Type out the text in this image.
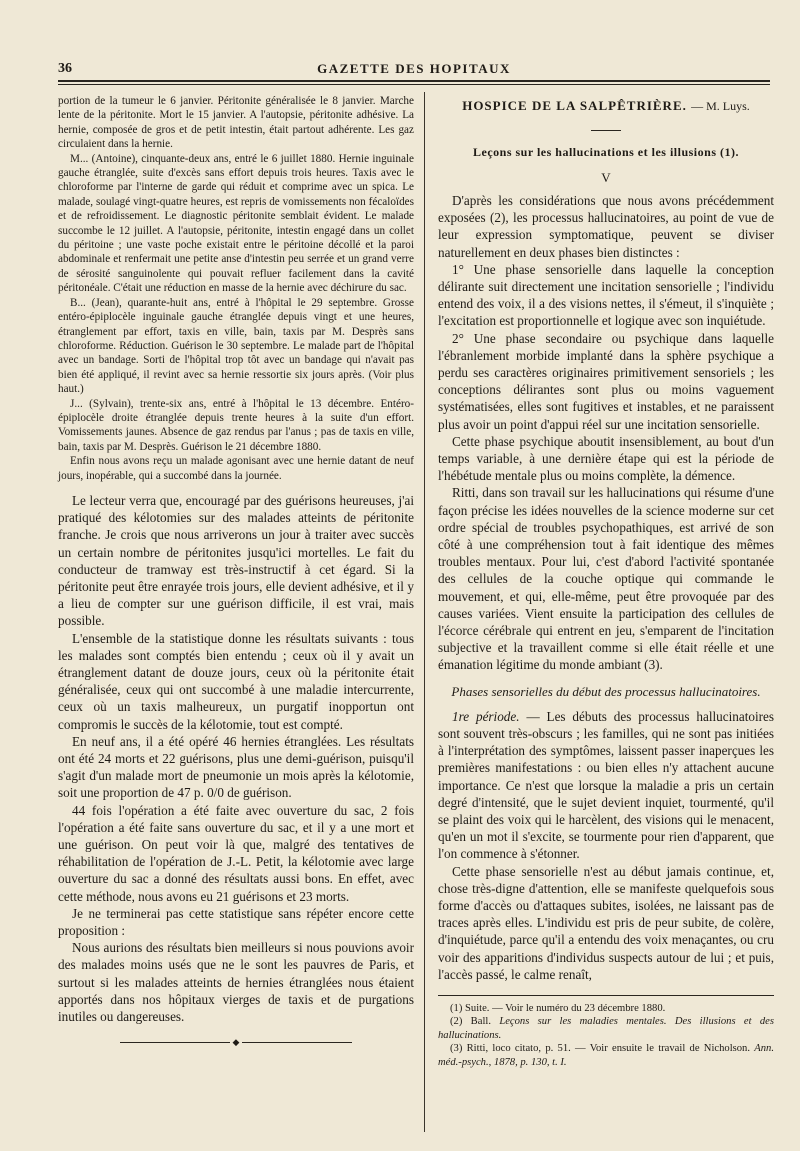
36	GAZETTE DES HOPITAUX

portion de la tumeur le 6 janvier. Péritonite généralisée le 8 janvier. Marche lente de la péritonite. Mort le 15 janvier. A l'autopsie, péritonite adhésive. La hernie, composée de gros et de petit intestin, était partout adhérente. Les gaz circulaient dans la hernie.

M... (Antoine), cinquante-deux ans, entré le 6 juillet 1880. Hernie inguinale gauche étranglée, suite d'excès sans effort depuis trois heures. Taxis avec le chloroforme par l'interne de garde qui réduit et comprime avec un spica. Le malade, soulagé vingt-quatre heures, est repris de vomissements non fécaloïdes et de refroidissement. Le diagnostic péritonite semblait évident. Le malade succombe le 12 juillet. A l'autopsie, péritonite, intestin engagé dans un collet du péritoine ; une vaste poche existait entre le péritoine décollé et la paroi abdominale et renfermait une petite anse d'intestin peu serrée et un grand verre de sérosité sanguinolente qui pouvait refluer facilement dans la cavité péritonéale. C'était une réduction en masse de la hernie avec déchirure du sac.

B... (Jean), quarante-huit ans, entré à l'hôpital le 29 septembre. Grosse entéro-épiplocèle inguinale gauche étranglée depuis vingt et une heures, étranglement par effort, taxis en ville, bain, taxis par M. Desprès sans chloroforme. Réduction. Guérison le 30 septembre. Le malade part de l'hôpital avec un bandage. Sorti de l'hôpital trop tôt avec un bandage qui n'avait pas bien été appliqué, il revint avec sa hernie ressortie six jours après. (Voir plus haut.)

J... (Sylvain), trente-six ans, entré à l'hôpital le 13 décembre. Entéro-épiplocèle droite étranglée depuis trente heures à la suite d'un effort. Vomissements jaunes. Absence de gaz rendus par l'anus ; pas de taxis en ville, bain, taxis par M. Desprès. Guérison le 21 décembre 1880.

Enfin nous avons reçu un malade agonisant avec une hernie datant de neuf jours, inopérable, qui a succombé dans la journée.

Le lecteur verra que, encouragé par des guérisons heureuses, j'ai pratiqué des kélotomies sur des malades atteints de péritonite franche. Je crois que nous arriverons un jour à traiter avec succès un certain nombre de péritonites jusqu'ici mortelles. Le fait du conducteur de tramway est très-instructif à cet égard. Si la péritonite peut être enrayée trois jours, elle devient adhésive, et il y a lieu de compter sur une guérison difficile, il est vrai, mais possible.

L'ensemble de la statistique donne les résultats suivants : tous les malades sont comptés bien entendu ; ceux où il y avait un étranglement datant de douze jours, ceux où la péritonite était généralisée, ceux qui ont succombé à une maladie intercurrente, ceux où un taxis malheureux, un purgatif inopportun ont compromis le succès de la kélotomie, tout est compté.

En neuf ans, il a été opéré 46 hernies étranglées. Les résultats ont été 24 morts et 22 guérisons, plus une demi-guérison, puisqu'il s'agit d'un malade mort de pneumonie un mois après la kélotomie, soit une proportion de 47 p. 0/0 de guérison.

44 fois l'opération a été faite avec ouverture du sac, 2 fois l'opération a été faite sans ouverture du sac, et il y a une mort et une guérison. On peut voir là que, malgré des tentatives de réhabilitation de l'opération de J.-L. Petit, la kélotomie avec large ouverture du sac a donné des résultats aussi bons. En effet, avec cette méthode, nous avons eu 21 guérisons et 23 morts.

Je ne terminerai pas cette statistique sans répéter encore cette proposition :

Nous aurions des résultats bien meilleurs si nous pouvions avoir des malades moins usés que ne le sont les pauvres de Paris, et surtout si les malades atteints de hernies étranglées nous étaient apportés dans nos hôpitaux vierges de taxis et de purgations inutiles ou dangereuses.

◆
HOSPICE DE LA SALPÊTRIÈRE. — M. Luys.
Leçons sur les hallucinations et les illusions (1).
V

D'après les considérations que nous avons précédemment exposées (2), les processus hallucinatoires, au point de vue de leur expression symptomatique, peuvent se diviser naturellement en deux phases bien distinctes :

1° Une phase sensorielle dans laquelle la conception délirante suit directement une incitation sensorielle ; l'individu entend des voix, il a des visions nettes, il s'émeut, il s'inquiète ; l'excitation est proportionnelle et logique avec son inquiétude.

2° Une phase secondaire ou psychique dans laquelle l'ébranlement morbide implanté dans la sphère psychique a perdu ses caractères originaires primitivement sensoriels ; les conceptions délirantes sont plus ou moins vaguement systématisées, elles sont fugitives et instables, et ne paraissent plus avoir un point d'appui réel sur une incitation sensorielle.

Cette phase psychique aboutit insensiblement, au bout d'un temps variable, à une dernière étape qui est la période de l'hébétude mentale plus ou moins complète, la démence.

Ritti, dans son travail sur les hallucinations qui résume d'une façon précise les idées nouvelles de la science moderne sur cet ordre spécial de troubles psychopathiques, est arrivé de son côté à une compréhension tout à fait identique des mêmes troubles mentaux. Pour lui, c'est d'abord l'activité spontanée des cellules de la couche optique qui commande le mouvement, et qui, elle-même, peut être provoquée par des causes variées. Vient ensuite la participation des cellules de l'écorce cérébrale qui entrent en jeu, s'emparent de l'incitation subjective et la travaillent comme si elle était réelle et une émanation légitime du monde ambiant (3).

Phases sensorielles du début des processus hallucinatoires.

1re période. — Les débuts des processus hallucinatoires sont souvent très-obscurs ; les familles, qui ne sont pas initiées à l'interprétation des symptômes, laissent passer inaperçues les premières manifestations : ou bien elles n'y attachent aucune importance. Ce n'est que lorsque la maladie a pris un certain degré d'intensité, que le sujet devient inquiet, tourmenté, qu'il se plaint des voix qui le harcèlent, des visions qui le menacent, qu'en un mot il s'excite, se tourmente pour rien d'apparent, que l'on commence à s'étonner.

Cette phase sensorielle n'est au début jamais continue, et, chose très-digne d'attention, elle se manifeste quelquefois sous forme d'accès ou d'attaques subites, isolées, ne laissant pas de traces après elles. L'individu est pris de peur subite, de colère, d'inquiétude, parce qu'il a entendu des voix menaçantes, ou cru voir des apparitions d'individus suspects autour de lui ; et puis, l'accès passé, le calme renaît,

(1) Suite. — Voir le numéro du 23 décembre 1880.

(2) Ball. Leçons sur les maladies mentales. Des illusions et des hallucinations.

(3) Ritti, loco citato, p. 51. — Voir ensuite le travail de Nicholson. Ann. méd.-psych., 1878, p. 130, t. I.
